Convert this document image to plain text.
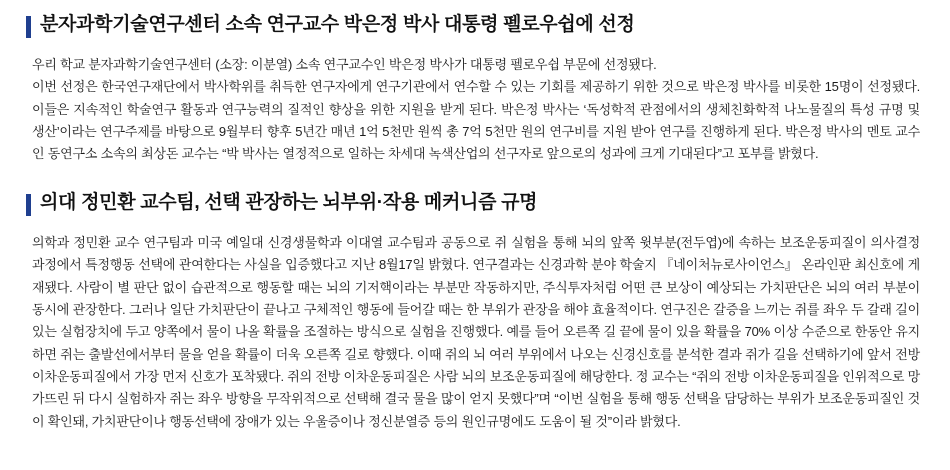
분자과학기술연구센터 소속 연구교수 박은정 박사 대통령 펠로우쉽에 선정

우리 학교 분자과학기술연구센터 (소장: 이분열) 소속 연구교수인 박은정 박사가 대통령 펠로우쉽 부문에 선정됐다.

이번 선정은 한국연구재단에서 박사학위를 취득한 연구자에게 연구기관에서 연수할 수 있는 기회를 제공하기 위한 것으로 박은정 박사를 비롯한 15명이 선정됐다. 이들은 지속적인 학술연구 활동과 연구능력의 질적인 향상을 위한 지원을 받게 된다. 박은정 박사는 ‘독성학적 관점에서의 생체친화학적 나노물질의 특성 규명 및 생산’이라는 연구주제를 바탕으로 9월부터 향후 5년간 매년 1억 5천만 원씩 총 7억 5천만 원의 연구비를 지원 받아 연구를 진행하게 된다. 박은정 박사의 멘토 교수인 동연구소 소속의 최상돈 교수는 “박 박사는 열정적으로 일하는 차세대 녹색산업의 선구자로 앞으로의 성과에 크게 기대된다”고 포부를 밝혔다.

의대 정민환 교수팀, 선택 관장하는 뇌부위·작용 메커니즘 규명

의학과 정민환 교수 연구팀과 미국 예일대 신경생물학과 이대열 교수팀과 공동으로 쥐 실험을 통해 뇌의 앞쪽 윗부분(전두엽)에 속하는 보조운동피질이 의사결정 과정에서 특정행동 선택에 관여한다는 사실을 입증했다고 지난 8월17일 밝혔다. 연구결과는 신경과학 분야 학술지 『네이처뉴로사이언스』 온라인판 최신호에 게재됐다. 사람이 별 판단 없이 습관적으로 행동할 때는 뇌의 기저핵이라는 부분만 작동하지만, 주식투자처럼 어떤 큰 보상이 예상되는 가치판단은 뇌의 여러 부분이 동시에 관장한다. 그러나 일단 가치판단이 끝나고 구체적인 행동에 들어갈 때는 한 부위가 관장을 해야 효율적이다. 연구진은 갈증을 느끼는 쥐를 좌우 두 갈래 길이 있는 실험장치에 두고 양쪽에서 물이 나올 확률을 조절하는 방식으로 실험을 진행했다. 예를 들어 오른쪽 길 끝에 물이 있을 확률을 70% 이상 수준으로 한동안 유지하면 쥐는 출발선에서부터 물을 얻을 확률이 더욱 오른쪽 길로 향했다. 이때 쥐의 뇌 여러 부위에서 나오는 신경신호를 분석한 결과 쥐가 길을 선택하기에 앞서 전방 이차운동피질에서 가장 먼저 신호가 포착됐다. 쥐의 전방 이차운동피질은 사람 뇌의 보조운동피질에 해당한다. 정 교수는 “쥐의 전방 이차운동피질을 인위적으로 망가뜨린 뒤 다시 실험하자 쥐는 좌우 방향을 무작위적으로 선택해 결국 물을 많이 얻지 못했다”며 “이번 실험을 통해 행동 선택을 담당하는 부위가 보조운동피질인 것이 확인돼, 가치판단이나 행동선택에 장애가 있는 우울증이나 정신분열증 등의 원인규명에도 도움이 될 것”이라 밝혔다.
